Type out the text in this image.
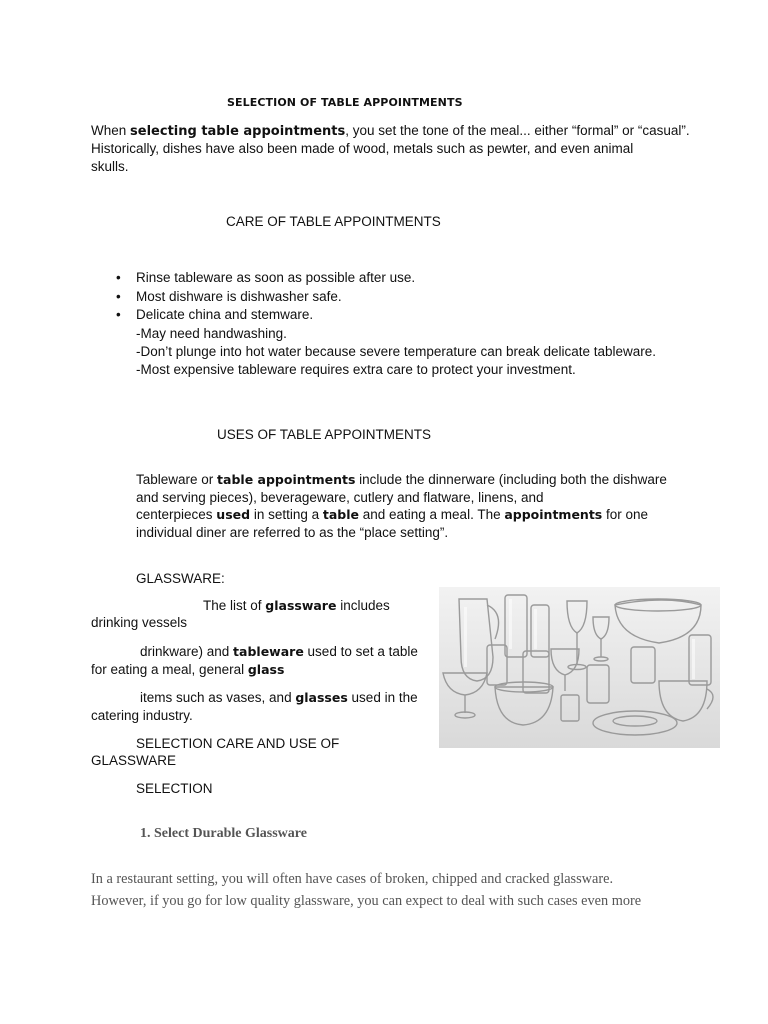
SELECTION OF TABLE APPOINTMENTS
When selecting table appointments, you set the tone of the meal... either “formal” or “casual”.
Historically, dishes have also been made of wood, metals such as pewter, and even animal
skulls.
CARE OF TABLE APPOINTMENTS
• Rinse tableware as soon as possible after use.
• Most dishware is dishwasher safe.
• Delicate china and stemware.
-May need handwashing.
-Don’t plunge into hot water because severe temperature can break delicate tableware.
-Most expensive tableware requires extra care to protect your investment.
USES OF TABLE APPOINTMENTS
Tableware or table appointments include the dinnerware (including both the dishware
and serving pieces), beverageware, cutlery and flatware, linens, and
centerpieces used in setting a table and eating a meal. The appointments for one
individual diner are referred to as the “place setting”.
GLASSWARE:
The list of glassware includes
drinking vessels
drinkware) and tableware used to set a table
for eating a meal, general glass
items such as vases, and glasses used in the
catering industry.
SELECTION CARE AND USE OF
GLASSWARE
SELECTION
1. Select Durable Glassware
In a restaurant setting, you will often have cases of broken, chipped and cracked glassware.
However, if you go for low quality glassware, you can expect to deal with such cases even more
